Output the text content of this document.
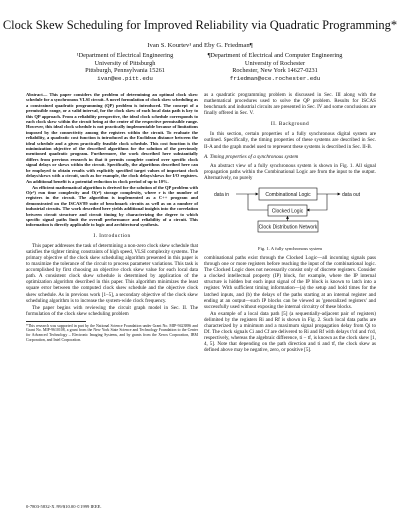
Clock Skew Scheduling for Improved Reliability via Quadratic Programming*
Ivan S. Kourtev¹ and Eby G. Friedman¶
¹Department of Electrical Engineering
University of Pittsburgh
Pittsburgh, Pennsylvania 15261
ivan@ee.pitt.edu
¶Department of Electrical and Computer Engineering
University of Rochester
Rochester, New York 14627-0231
friedman@ece.rochester.edu

Abstract— This paper considers the problem of determining an optimal clock skew schedule for a synchronous VLSI circuit. A novel formulation of clock skew scheduling as a constrained quadratic programming (QP) problem is introduced. The concept of a permissible range, or a valid interval, for the clock skew of each local data path is key to this QP approach. From a reliability perspective, the ideal clock schedule corresponds to each clock skew within the circuit being at the center of the respective permissible range. However, this ideal clock schedule is not practically implementable because of limitations imposed by the connectivity among the registers within the circuit. To evaluate the reliability, a quadratic cost function is introduced as the Euclidean distance between the ideal schedule and a given practically feasible clock schedule. This cost function is the minimization objective of the described algorithms for the solution of the previously mentioned quadratic program. Furthermore, the work described here substantially differs from previous research in that it permits complete control over specific clock signal delays or skews within the circuit. Specifically, the algorithms described here can be employed to obtain results with explicitly specified target values of important clock delays/skews with a circuit, such as for example, the clock delays/skews for I/O registers. An additional benefit is a potential reduction in clock period of up to 10%.

An efficient mathematical algorithm is derived for the solution of the QP problem with O(r³) run time complexity and O(r²) storage complexity, where r is the number of registers in the circuit. The algorithm is implemented as a C++ program and demonstrated on the ISCAS'89 suite of benchmark circuits as well as on a number of industrial circuits. The work described here yields additional insights into the correlation between circuit structure and circuit timing by characterizing the degree to which specific signal paths limit the overall performance and reliability of a circuit. This information is directly applicable to logic and architectural synthesis.

I. Introduction

This paper addresses the task of determining a non-zero clock skew schedule that satisfies the tighter timing constraints of high speed, VLSI complexity systems. The primary objective of the clock skew scheduling algorithm presented in this paper is to maximize the tolerance of the circuit to process parameter variations. This task is accomplished by first choosing an objective clock skew value for each local data path. A consistent clock skew schedule is determined by application of the optimization algorithm described in this paper. This algorithm minimizes the least square error between the computed clock skew schedule and the objective clock skew schedule. As in previous work [1–5], a secondary objective of the clock skew scheduling algorithm is to increase the system-wide clock frequency.

The paper begins with reviewing the circuit graph model in Sec. II. The formulation of the clock skew scheduling problem

*This research was supported in part by the National Science Foundation under Grant No. MIP-9423886 and Grant No. MIP-9610108, a grant from the New York State Science and Technology Foundation to the Center for Advanced Technology – Electronic Imaging Systems, and by grants from the Xerox Corporation, IBM Corporation, and Intel Corporation.

as a quadratic programming problem is discussed in Sec. III along with the mathematical procedures used to solve the QP problem. Results for ISCAS benchmark and industrial circuits are presented in Sec. IV and some conclusions are finally offered in Sec. V.

II. Background

In this section, certain properties of a fully synchronous digital system are outlined. Specifically, the timing properties of these systems are described in Sec. II-A and the graph model used to represent these systems is described in Sec. II-B.

A. Timing properties of a synchronous system

An abstract view of a fully synchronous system is shown in Fig. 1. All signal propagation paths within the Combinational Logic are from the input to the output. Alternatively, no purely

data in	Combinational Logic	data out
Clocked Logic
Clock Distribution Network
Fig. 1. A fully synchronous system

combinational paths exist through the Clocked Logic—all incoming signals pass through one or more registers before reaching the input of the combinational logic. The Clocked Logic does not necessarily consist only of discrete registers. Consider a clocked intellectual property (IP) block, for example, where the IP internal structure is hidden but each input signal of the IP block is known to latch into a register. With sufficient timing information—(a) the setup and hold times for the latched inputs, and (b) the delays of the paths starting at an internal register and ending at an output—such IP blocks can be viewed as 'generalized registers' and successfully used without exposing the internal circuitry of these blocks.

An example of a local data path [5] (a sequentially-adjacent pair of registers) delimited by the registers Ri and Rf is shown in Fig. 2. Such local data paths are characterized by a minimum and a maximum signal propagation delay from Qi to Df. The clock signals Ci and Cf are delivered to Ri and Rf with delays t'cd and t'cd, respectively, whereas the algebraic difference, ti − tf, is known as the clock skew [1, 4, 5]. Note that depending on the path direction and ti and tf, the clock skew as defined above may be negative, zero, or positive [5].

0-7803-5832-X /99/$10.00 ©1999 IEEE.
